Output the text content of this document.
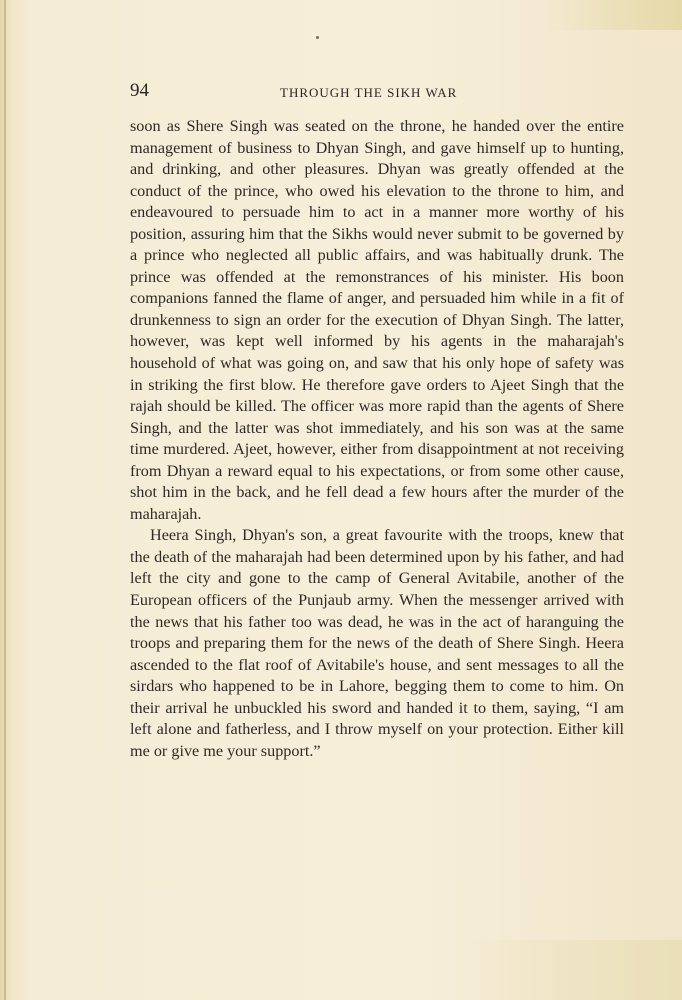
94	THROUGH THE SIKH WAR

soon as Shere Singh was seated on the throne, he handed over the entire management of business to Dhyan Singh, and gave himself up to hunting, and drinking, and other pleasures. Dhyan was greatly offended at the conduct of the prince, who owed his elevation to the throne to him, and endeavoured to persuade him to act in a manner more worthy of his position, assuring him that the Sikhs would never submit to be governed by a prince who neglected all public affairs, and was habitually drunk. The prince was offended at the remonstrances of his minister. His boon companions fanned the flame of anger, and persuaded him while in a fit of drunkenness to sign an order for the execution of Dhyan Singh. The latter, however, was kept well informed by his agents in the maharajah's household of what was going on, and saw that his only hope of safety was in striking the first blow. He therefore gave orders to Ajeet Singh that the rajah should be killed. The officer was more rapid than the agents of Shere Singh, and the latter was shot immediately, and his son was at the same time murdered. Ajeet, however, either from disappointment at not receiving from Dhyan a reward equal to his expectations, or from some other cause, shot him in the back, and he fell dead a few hours after the murder of the maharajah.

Heera Singh, Dhyan's son, a great favourite with the troops, knew that the death of the maharajah had been determined upon by his father, and had left the city and gone to the camp of General Avitabile, another of the European officers of the Punjaub army. When the messenger arrived with the news that his father too was dead, he was in the act of haranguing the troops and preparing them for the news of the death of Shere Singh. Heera ascended to the flat roof of Avitabile's house, and sent messages to all the sirdars who happened to be in Lahore, begging them to come to him. On their arrival he unbuckled his sword and handed it to them, saying, “I am left alone and fatherless, and I throw myself on your protection. Either kill me or give me your support.”
